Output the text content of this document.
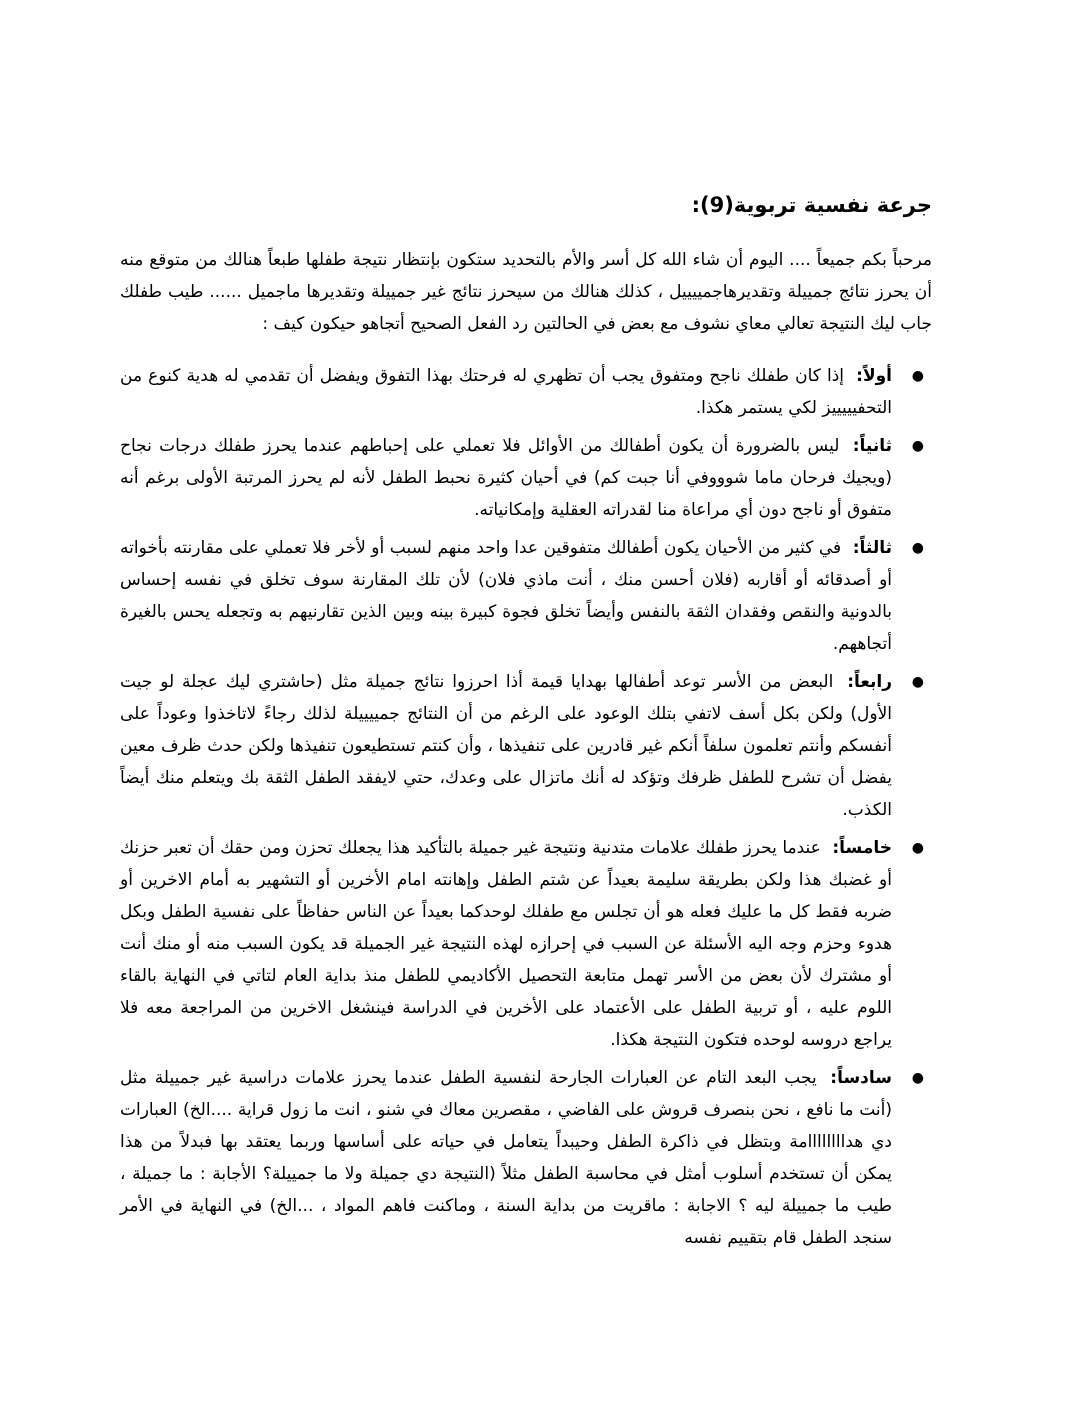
جرعة نفسية تربوية(9):

مرحباً بكم جميعاً .... اليوم أن شاء الله كل أسر والأم بالتحديد ستكون بإنتظار نتيجة طفلها طبعاً هنالك من متوقع منه أن يحرز نتائج جمييلة وتقديرهاجمييييل ، كذلك هنالك من سيحرز نتائج غير جمييلة وتقديرها ماجميل ...... طيب طفلك جاب ليك النتيجة تعالي معاي نشوف مع بعض في الحالتين رد الفعل الصحيح أتجاهو حيكون كيف :

●
أولاً: إذا كان طفلك ناجح ومتفوق يجب أن تظهري له فرحتك بهذا التفوق ويفضل أن تقدمي له هدية كنوع من التحفيييييز لكي يستمر هكذا.
●
ثانياً: ليس بالضرورة أن يكون أطفالك من الأوائل فلا تعملي على إحباطهم عندما يحرز طفلك درجات نجاح (ويجيك فرحان ماما شوووفي أنا جبت كم) في أحيان كثيرة نحبط الطفل لأنه لم يحرز المرتبة الأولى برغم أنه متفوق أو ناجح دون أي مراعاة منا لقدراته العقلية وإمكانياته.
●
ثالثاً: في كثير من الأحيان يكون أطفالك متفوقين عدا واحد منهم لسبب أو لأخر فلا تعملي على مقارنته بأخواته أو أصدقائه أو أقاربه (فلان أحسن منك ، أنت ماذي فلان) لأن تلك المقارنة سوف تخلق في نفسه إحساس بالدونية والنقص وفقدان الثقة بالنفس وأيضاً تخلق فجوة كبيرة بينه وبين الذين تقارنيهم به وتجعله يحس بالغيرة أتجاههم.
●
رابعاً: البعض من الأسر توعد أطفالها بهدايا قيمة أذا احرزوا نتائج جميلة مثل (حاشتري ليك عجلة لو جيت الأول) ولكن بكل أسف لاتفي بتلك الوعود على الرغم من أن النتائج جمييييلة لذلك رجاءً لاتاخذوا وعوداً على أنفسكم وأنتم تعلمون سلفاً أنكم غير قادرين على تنفيذها ، وأن كنتم تستطيعون تنفيذها ولكن حدث ظرف معين يفضل أن تشرح للطفل ظرفك وتؤكد له أنك ماتزال على وعدك، حتي لايفقد الطفل الثقة بك ويتعلم منك أيضاً الكذب.
●
خامساً: عندما يحرز طفلك علامات متدنية ونتيجة غير جميلة بالتأكيد هذا يجعلك تحزن ومن حقك أن تعبر حزنك أو غضبك هذا ولكن بطريقة سليمة بعيداً عن شتم الطفل وإهانته امام الأخرين أو التشهير به أمام الاخرين أو ضربه فقط كل ما عليك فعله هو أن تجلس مع طفلك لوحدكما بعيداً عن الناس حفاظاً على نفسية الطفل وبكل هدوء وحزم وجه اليه الأسئلة عن السبب في إحرازه لهذه النتيجة غير الجميلة قد يكون السبب منه أو منك أنت أو مشترك لأن بعض من الأسر تهمل متابعة التحصيل الأكاديمي للطفل منذ بداية العام لتاتي في النهاية بالقاء اللوم عليه ، أو تربية الطفل على الأعتماد على الأخرين في الدراسة فينشغل الاخرين من المراجعة معه فلا يراجع دروسه لوحده فتكون النتيجة هكذا.
●
سادساً: يجب البعد التام عن العبارات الجارحة لنفسية الطفل عندما يحرز علامات دراسية غير جمييلة مثل (أنت ما نافع ، نحن بنصرف قروش على الفاضي ، مقصرين معاك في شنو ، انت ما زول قراية ....الخ) العبارات دي هداااااااامة وبتظل في ذاكرة الطفل وحيبداً يتعامل في حياته على أساسها وربما يعتقد بها فبدلاً من هذا يمكن أن تستخدم أسلوب أمثل في محاسبة الطفل مثلاً (النتيجة دي جميلة ولا ما جمييلة؟ الأجابة : ما جميلة ، طيب ما جمييلة ليه ؟ الاجابة : ماقريت من بداية السنة ، وماكنت فاهم المواد ، ...الخ) في النهاية في الأمر سنجد الطفل قام بتقييم نفسه
